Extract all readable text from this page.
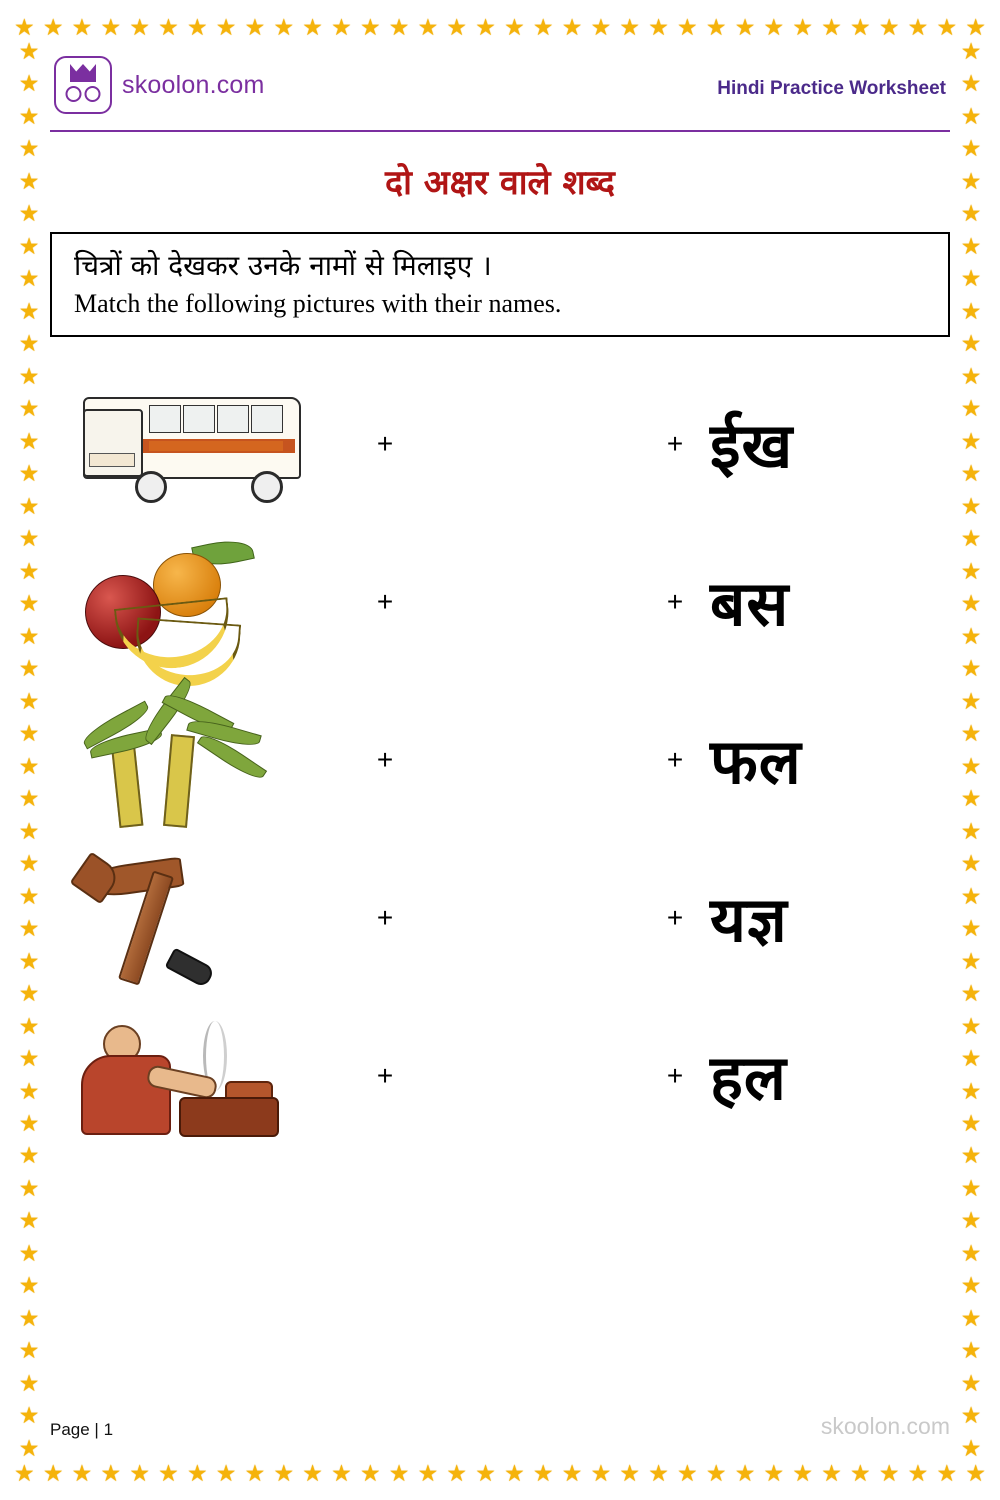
★ ★ ★ ★ ★ ★ ★ ★ ★ ★ ★ ★ ★ ★ ★ ★ ★ ★ ★ ★ ★ ★ ★ ★ ★ ★ ★ ★ ★ ★ ★ ★ ★ ★
★ ★ ★ ★ ★ ★ ★ ★ ★ ★ ★ ★ ★ ★ ★ ★ ★ ★ ★ ★ ★ ★ ★ ★ ★ ★ ★ ★ ★ ★ ★ ★ ★ ★
★
★
★
★
★
★
★
★
★
★
★
★
★
★
★
★
★
★
★
★
★
★
★
★
★
★
★
★
★
★
★
★
★
★
★
★
★
★
★
★
★
★
★
★
★
★
★
★
★
★
★
★
★
★
★
★
★
★
★
★
★
★
★
★
★
★
★
★
★
★
★
★
★
★
★
★
★
★
★
★
★
★
★
★
★
★
★
★
skoolon.com	Hindi Practice Worksheet
दो अक्षर वाले शब्द
चित्रों को देखकर उनके नामों से मिलाइए ।
Match the following pictures with their names.
+	+ ईख
+	+ बस
+	+ फल
+	+ यज्ञ
+	+ हल
Page | 1	skoolon.com
